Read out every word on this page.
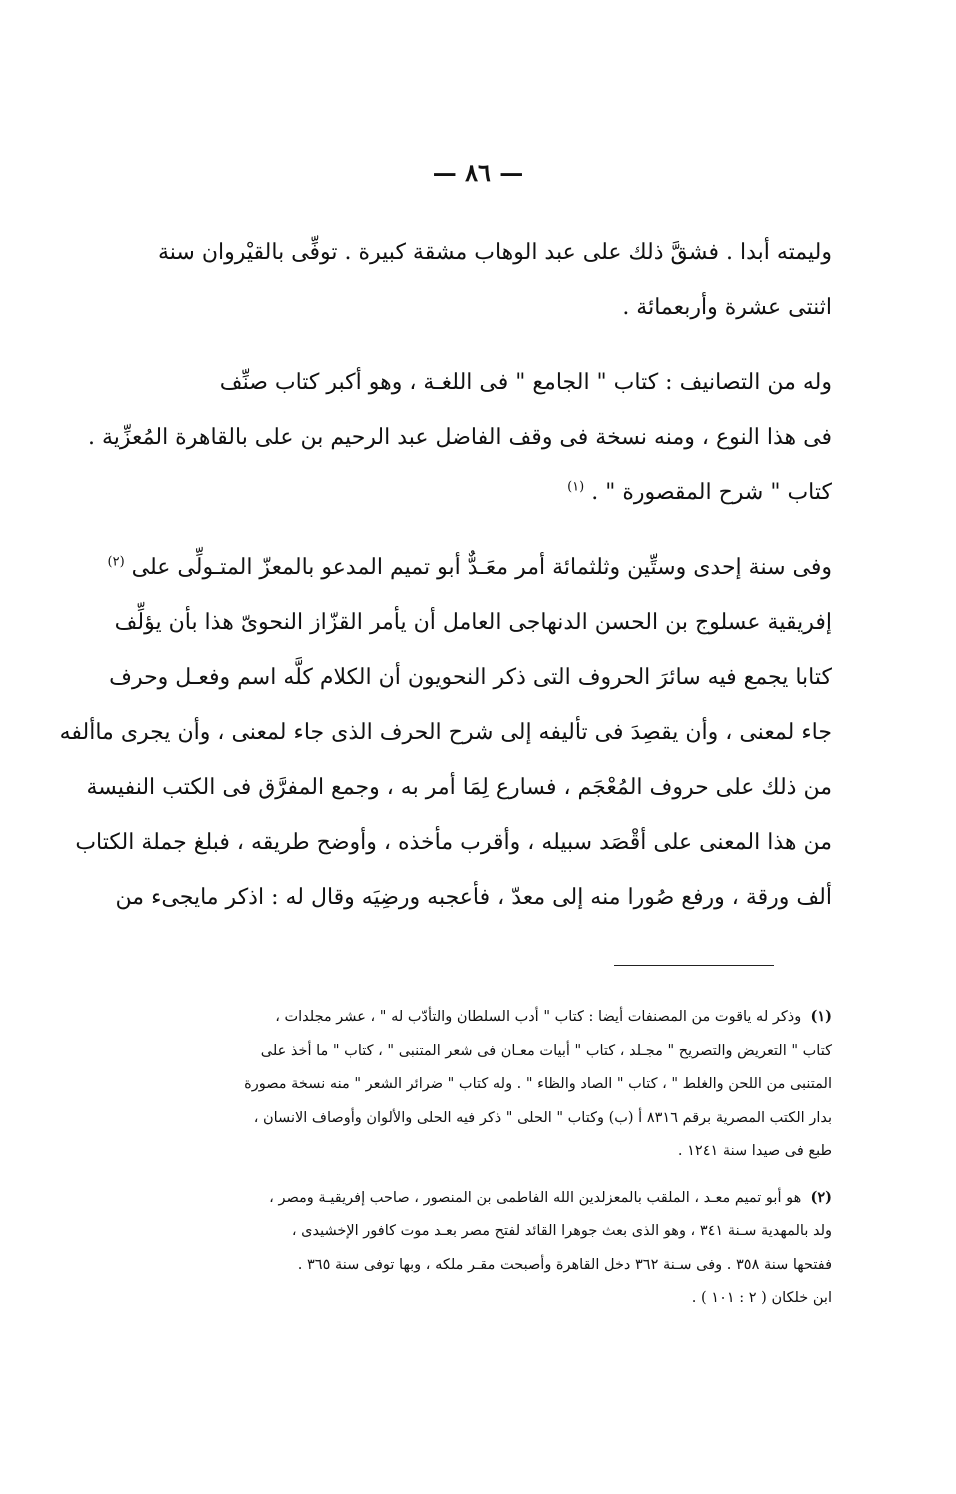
— ٨٦ —

وليمته أبدا . فشقَّ ذلك على عبد الوهاب مشقة كبيرة . توفِّى بالقيْروان سنة
اثنتى عشرة وأربعمائة .

وله من التصانيف : كتاب " الجامع " فى اللغـة ، وهو أكبر كتاب صنِّف
فى هذا النوع ، ومنه نسخة فى وقف الفاضل عبد الرحيم بن على بالقاهرة المُعزِّية .
كتاب " شرح المقصورة " . $^{(١)}$

وفى سنة إحدى وستِّين وثلثمائة أمر معَـدٌّ أبو تميم المدعو بالمعزّ المتـولِّى على $^{(٢)}$
إفريقية عسلوج بن الحسن الدنهاجى العامل أن يأمر القزّاز النحوىّ هذا بأن يؤلِّف
كتابا يجمع فيه سائرَ الحروف التى ذكر النحويون أن الكلام كلَّه اسم وفعـل وحرف
جاء لمعنى ، وأن يقصِدَ فى تأليفه إلى شرح الحرف الذى جاء لمعنى ، وأن يجرى ماألفه
من ذلك على حروف المُعْجَم ، فسارع لِمَا أمر به ، وجمع المفرَّق فى الكتب النفيسة
من هذا المعنى على أقْصَد سبيله ، وأقرب مأخذه ، وأوضح طريقه ، فبلغ جملة الكتاب
ألف ورقة ، ورفع صُورا منه إلى معدّ ، فأعجبه ورضِيَه وقال له : اذكر مايجىء من

(١)  وذكر له ياقوت من المصنفات أيضا : كتاب " أدب السلطان والتأدّب له " ، عشر مجلدات ،
كتاب " التعريض والتصريح " مجـلد ، كتاب " أبيات معـان فى شعر المتنبى " ، كتاب " ما أخذ على
المتنبى من اللحن والغلط " ، كتاب " الصاد والظاء " . وله كتاب " ضرائر الشعر " منه نسخة مصورة
بدار الكتب المصرية برقم ٨٣١٦ أ (ب) وكتاب " الحلى " ذكر فيه الحلى والألوان وأوصاف الانسان ،
طبع فى صيدا سنة ١٢٤١ .

(٢)  هو أبو تميم معـد ، الملقب بالمعزلدين الله الفاطمى بن المنصور ، صاحب إفريقيـة ومصر ،
ولد بالمهدية سـنة ٣٤١ ، وهو الذى بعث جوهرا القائد لفتح مصر بعـد موت كافور الإخشيدى ،
ففتحها سنة ٣٥٨ . وفى سـنة ٣٦٢ دخل القاهرة وأصبحت مقـر ملكه ، وبها توفى سنة ٣٦٥ .
ابن خلكان ( ٢ : ١٠١ ) .
